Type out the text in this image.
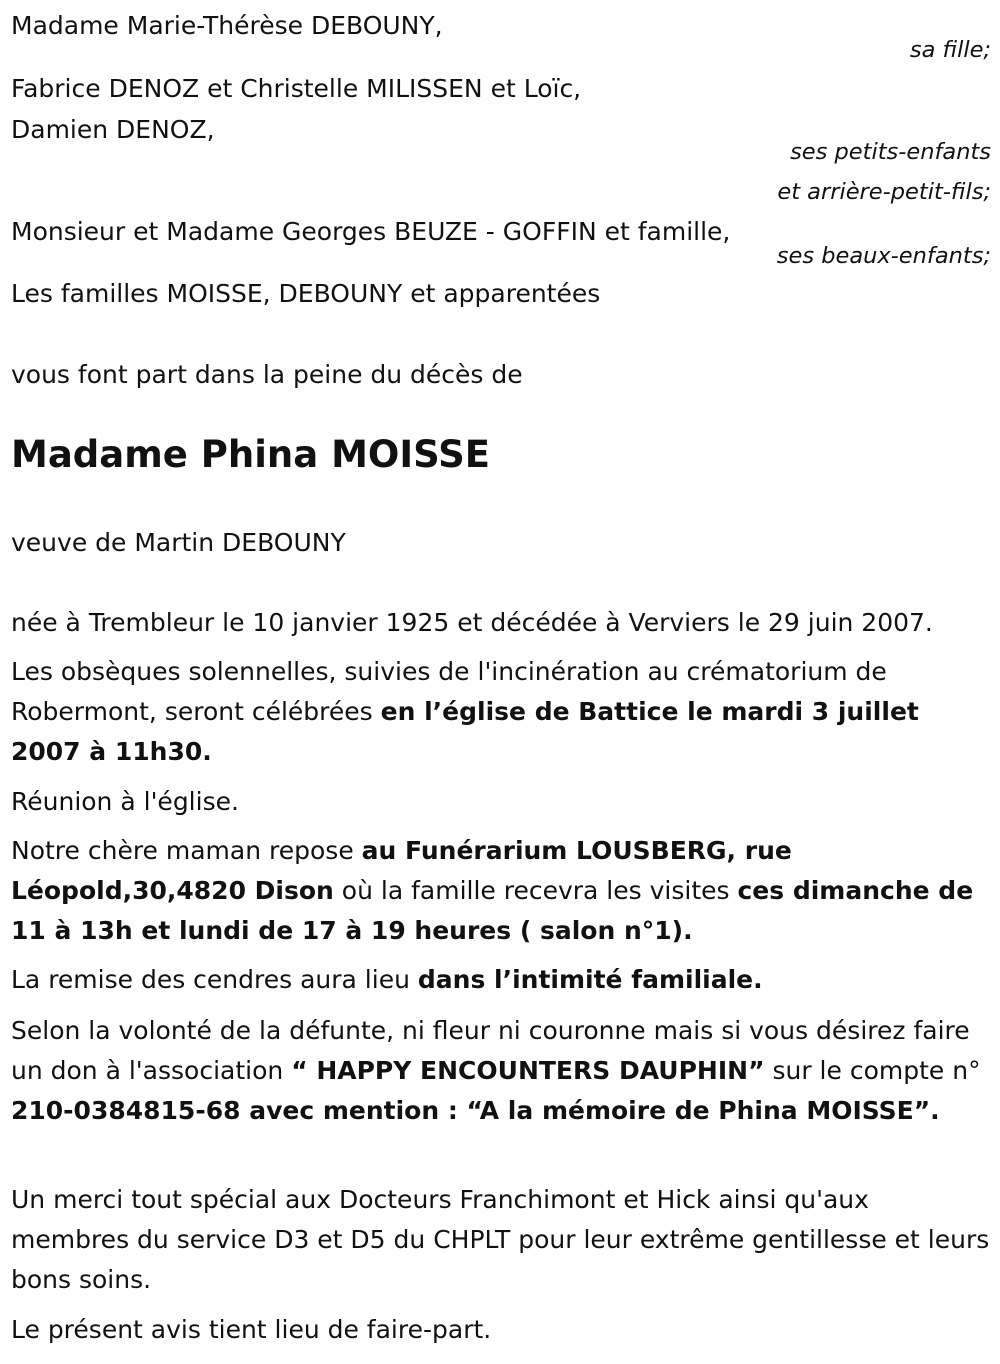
Madame Marie-Thérèse DEBOUNY,
sa fille;
Fabrice DENOZ et Christelle MILISSEN et Loïc,
Damien DENOZ,
ses petits-enfants
et arrière-petit-fils;
Monsieur et Madame Georges BEUZE - GOFFIN et famille,
ses beaux-enfants;
Les familles MOISSE, DEBOUNY et apparentées
vous font part dans la peine du décès de
Madame Phina MOISSE
veuve de Martin DEBOUNY
née à Trembleur le 10 janvier 1925 et décédée à Verviers le 29 juin 2007.
Les obsèques solennelles, suivies de l'incinération au crématorium de Robermont, seront célébrées en l’église de Battice le mardi 3 juillet 2007 à 11h30.
Réunion à l'église.
Notre chère maman repose au Funérarium LOUSBERG, rue Léopold,30,4820 Dison où la famille recevra les visites ces dimanche de 11 à 13h et lundi de 17 à 19 heures ( salon n°1).
La remise des cendres aura lieu dans l’intimité familiale.
Selon la volonté de la défunte, ni fleur ni couronne mais si vous désirez faire un don à l'association “ HAPPY ENCOUNTERS DAUPHIN” sur le compte n° 210-0384815-68 avec mention : “A la mémoire de Phina MOISSE”.
Un merci tout spécial aux Docteurs Franchimont et Hick ainsi qu'aux membres du service D3 et D5 du CHPLT pour leur extrême gentillesse et leurs bons soins.
Le présent avis tient lieu de faire-part.
